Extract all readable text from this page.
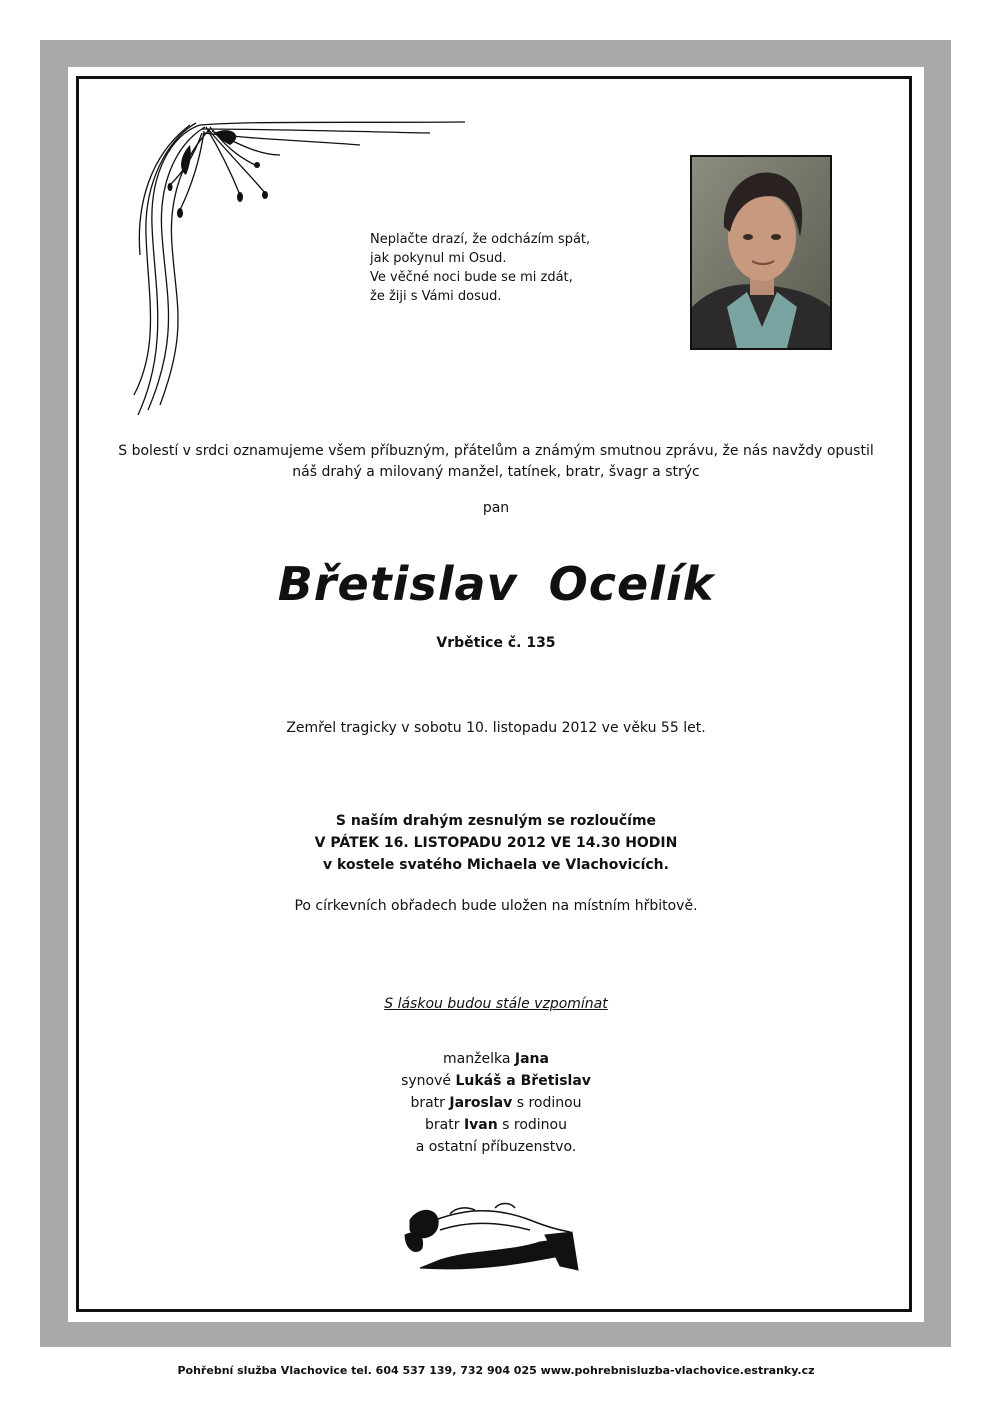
Neplačte drazí, že odcházím spát,
jak pokynul mi Osud.
Ve věčné noci bude se mi zdát,
že žiji s Vámi dosud.
S bolestí v srdci oznamujeme všem příbuzným, přátelům a známým smutnou zprávu, že nás navždy opustil
náš drahý a milovaný manžel, tatínek, bratr, švagr a strýc
pan
Břetislav Ocelík
Vrbětice č. 135
Zemřel tragicky v sobotu 10. listopadu 2012 ve věku 55 let.
S naším drahým zesnulým se rozloučíme
V PÁTEK 16. LISTOPADU 2012 VE 14.30 HODIN
v kostele svatého Michaela ve Vlachovicích.
Po církevních obřadech bude uložen na místním hřbitově.
S láskou budou stále vzpomínat
manželka Jana
synové Lukáš a Břetislav
bratr Jaroslav s rodinou
bratr Ivan s rodinou
a ostatní příbuzenstvo.
Pohřební služba Vlachovice tel. 604 537 139, 732 904 025 www.pohrebnisluzba-vlachovice.estranky.cz
